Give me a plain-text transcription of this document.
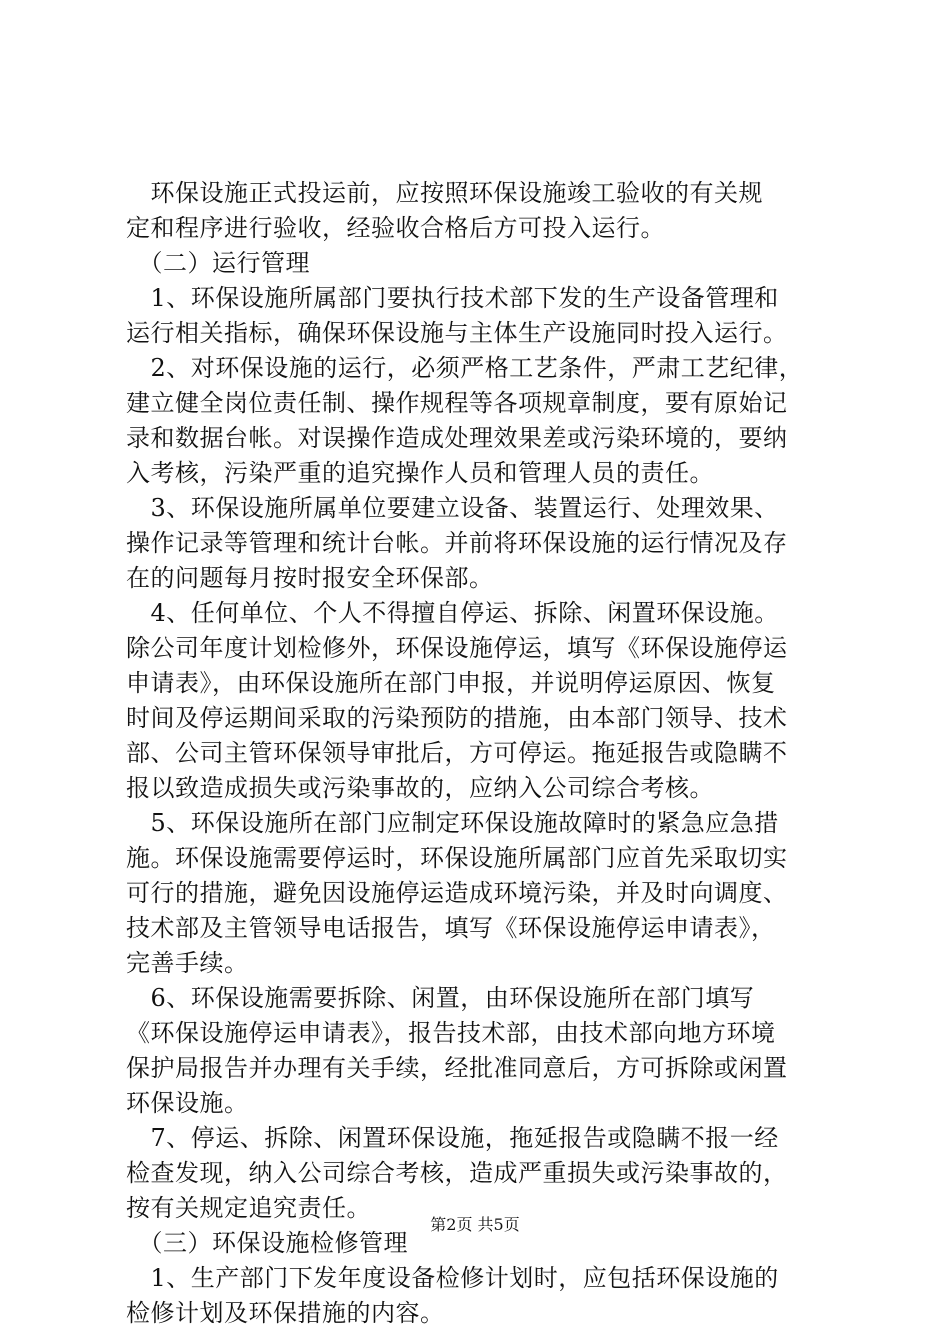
　环保设施正式投运前，应按照环保设施竣工验收的有关规
定和程序进行验收，经验收合格后方可投入运行。
　（二）运行管理
　1、环保设施所属部门要执行技术部下发的生产设备管理和
运行相关指标，确保环保设施与主体生产设施同时投入运行。
　2、对环保设施的运行，必须严格工艺条件，严肃工艺纪律，
建立健全岗位责任制、操作规程等各项规章制度，要有原始记
录和数据台帐。对误操作造成处理效果差或污染环境的，要纳
入考核，污染严重的追究操作人员和管理人员的责任。
　3、环保设施所属单位要建立设备、装置运行、处理效果、
操作记录等管理和统计台帐。并前将环保设施的运行情况及存
在的问题每月按时报安全环保部。
　4、任何单位、个人不得擅自停运、拆除、闲置环保设施。
除公司年度计划检修外，环保设施停运，填写《环保设施停运
申请表》，由环保设施所在部门申报，并说明停运原因、恢复
时间及停运期间采取的污染预防的措施，由本部门领导、技术
部、公司主管环保领导审批后，方可停运。拖延报告或隐瞒不
报以致造成损失或污染事故的，应纳入公司综合考核。
　5、环保设施所在部门应制定环保设施故障时的紧急应急措
施。环保设施需要停运时，环保设施所属部门应首先采取切实
可行的措施，避免因设施停运造成环境污染，并及时向调度、
技术部及主管领导电话报告，填写《环保设施停运申请表》，
完善手续。
　6、环保设施需要拆除、闲置，由环保设施所在部门填写
《环保设施停运申请表》，报告技术部，由技术部向地方环境
保护局报告并办理有关手续，经批准同意后，方可拆除或闲置
环保设施。
　7、停运、拆除、闲置环保设施，拖延报告或隐瞒不报一经
检查发现，纳入公司综合考核，造成严重损失或污染事故的，
按有关规定追究责任。
　（三）环保设施检修管理
　1、生产部门下发年度设备检修计划时，应包括环保设施的
检修计划及环保措施的内容。
第2页 共5页
